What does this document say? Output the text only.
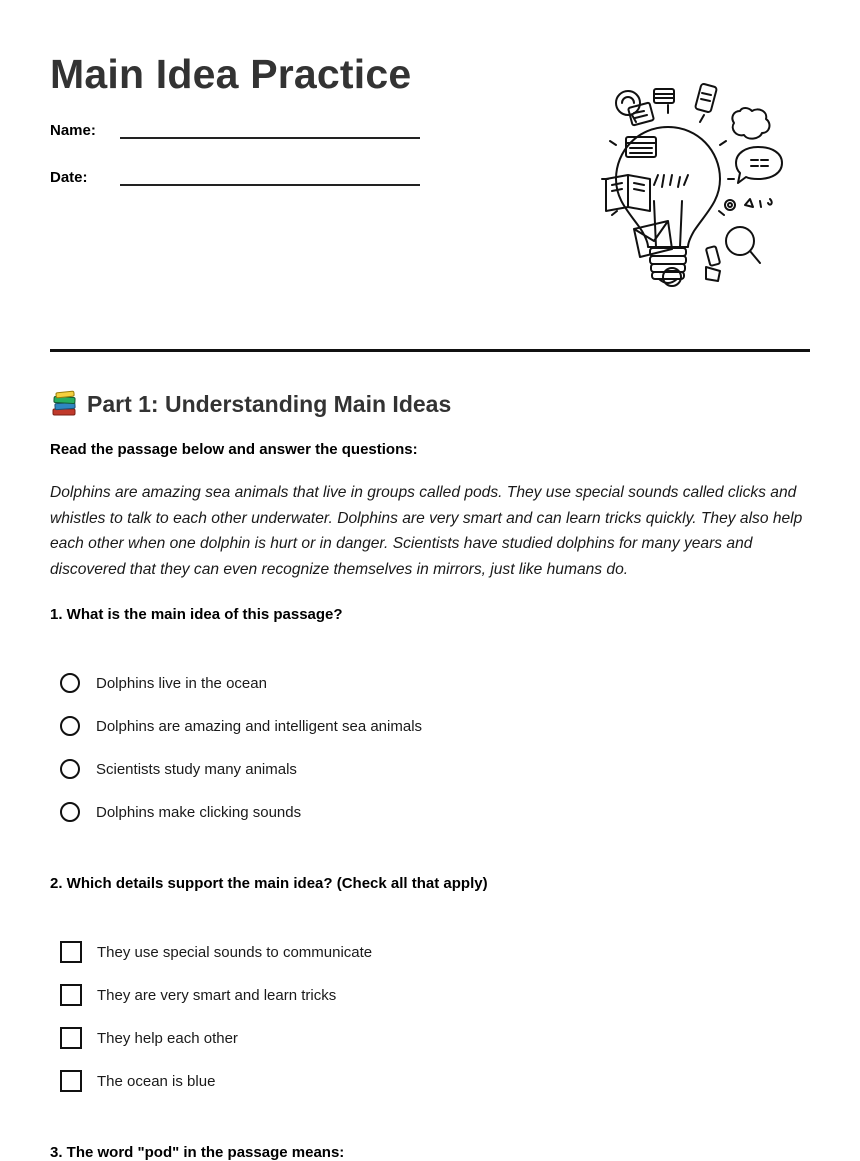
Main Idea Practice
Name:
Date:
Part 1: Understanding Main Ideas
Read the passage below and answer the questions:

Dolphins are amazing sea animals that live in groups called pods. They use special sounds called clicks and whistles to talk to each other underwater. Dolphins are very smart and can learn tricks quickly. They also help each other when one dolphin is hurt or in danger. Scientists have studied dolphins for many years and discovered that they can even recognize themselves in mirrors, just like humans do.

1. What is the main idea of this passage?
Dolphins live in the ocean
Dolphins are amazing and intelligent sea animals
Scientists study many animals
Dolphins make clicking sounds
2. Which details support the main idea? (Check all that apply)
They use special sounds to communicate
They are very smart and learn tricks
They help each other
The ocean is blue
3. The word "pod" in the passage means:
